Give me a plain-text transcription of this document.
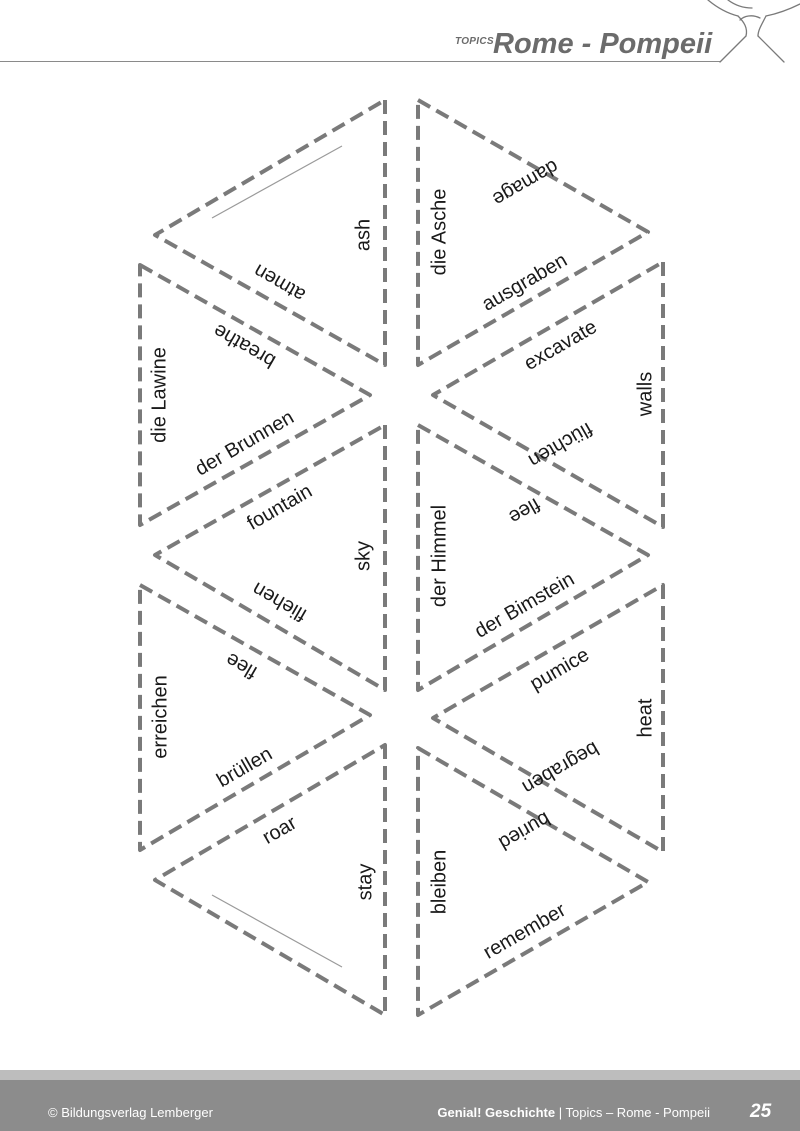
TOPICS Rome - Pompeii
ash
atmen
breathe
die Lawine
der Brunnen
fountain
sky
fliehen
flee
erreichen
brüllen
roar
stay
damage
die Asche
ausgraben
excavate
walls
flüchten
flee
der Himmel der Bimstein
pumice
heat
begraben
buried
bleiben
remember
© Bildungsverlag Lemberger	Genial! Geschichte | Topics – Rome - Pompeii 25
